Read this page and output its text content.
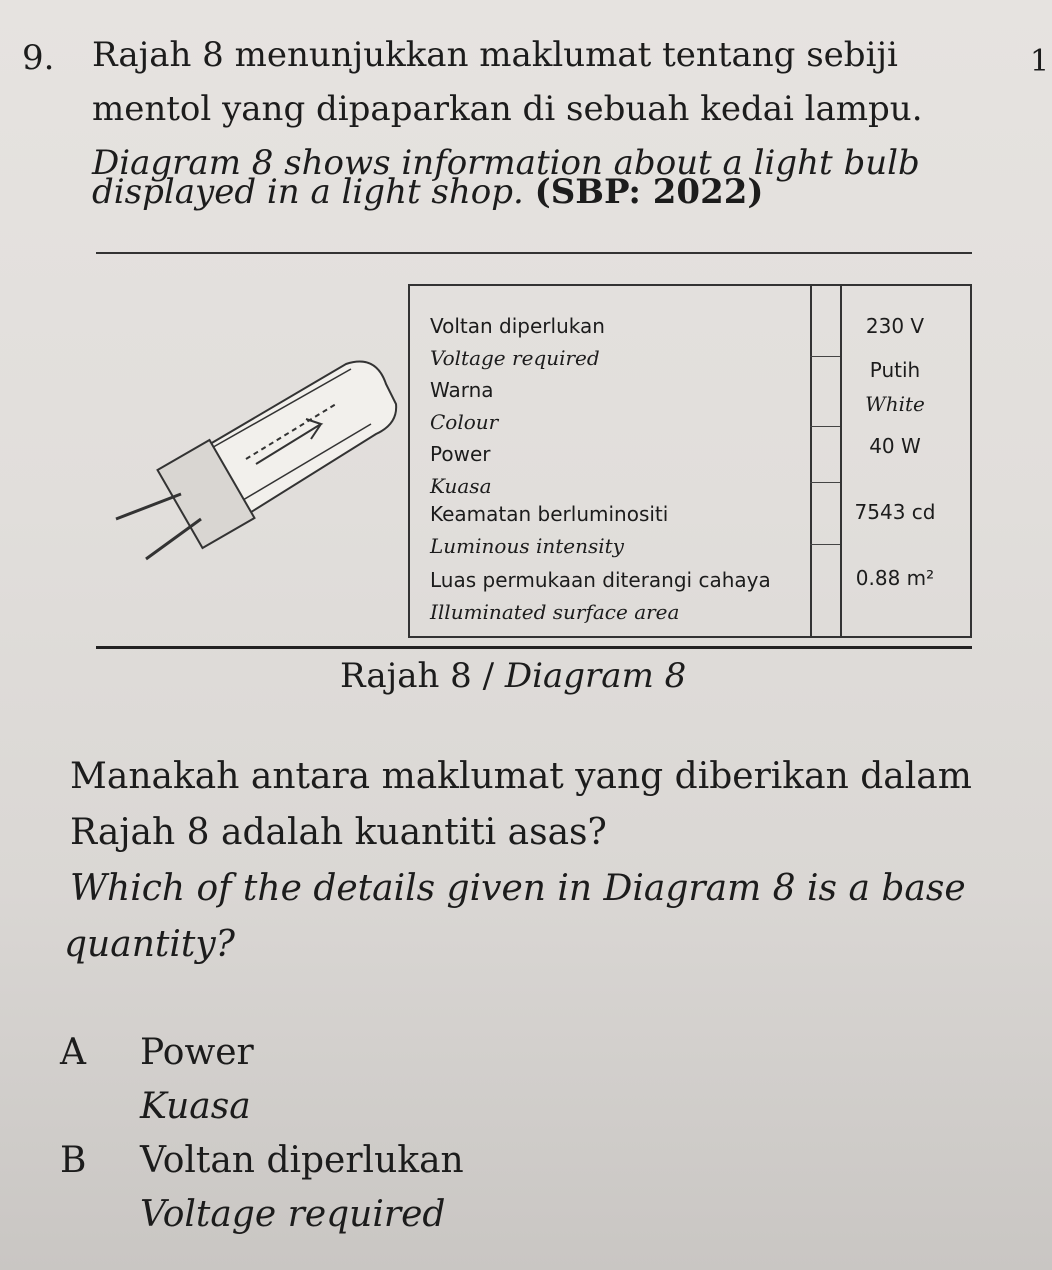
9.	1
Rajah 8 menunjukkan maklumat tentang sebiji
mentol yang dipaparkan di sebuah kedai lampu.
Diagram 8 shows information about a light bulb
displayed in a light shop. (SBP: 2022)
Voltan diperlukan
Voltage required
230 V
Warna
Colour
Putih
White
Power
Kuasa
40 W
Keamatan berluminositi
Luminous intensity
7543 cd
Luas permukaan diterangi cahaya
Illuminated surface area
0.88 m²
Rajah 8 / Diagram 8
Manakah antara maklumat yang diberikan dalam
Rajah 8 adalah kuantiti asas?
Which of the details given in Diagram 8 is a base
quantity?
A Power
Kuasa
B Voltan diperlukan
Voltage required
